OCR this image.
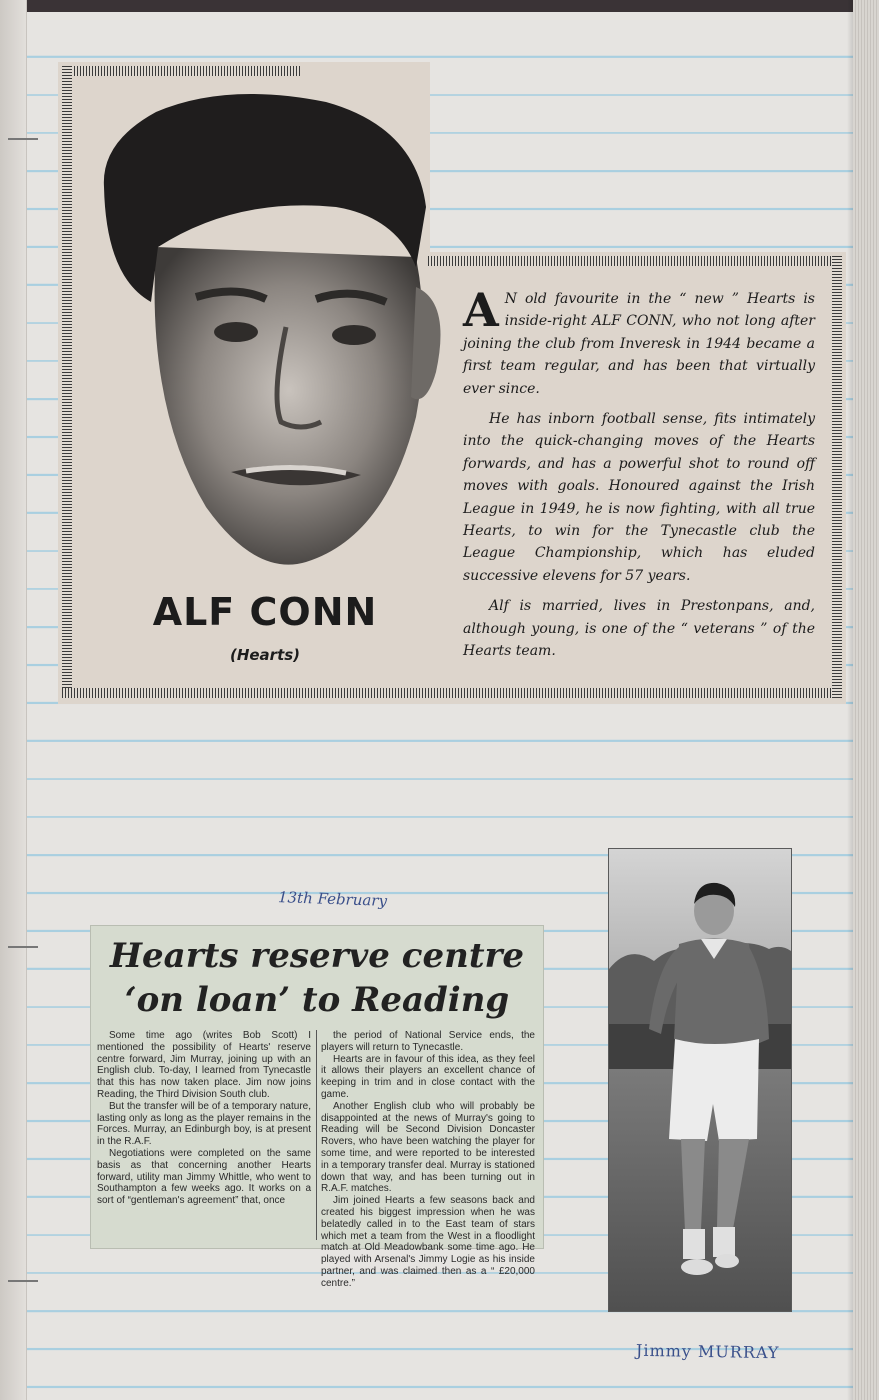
ALF CONN
(Hearts)

A N old favourite in the “ new ” Hearts is inside-right ALF CONN, who not long after joining the club from Inveresk in 1944 became a first team regular, and has been that virtually ever since.

He has inborn football sense, fits intimately into the quick-changing moves of the Hearts forwards, and has a powerful shot to round off moves with goals. Honoured against the Irish League in 1949, he is now fighting, with all true Hearts, to win for the Tynecastle club the League Championship, which has eluded successive elevens for 57 years.

Alf is married, lives in Prestonpans, and, although young, is one of the “ veterans ” of the Hearts team.

13th February
Hearts reserve centre
‘on loan’ to Reading

Some time ago (writes Bob Scott) I mentioned the possibility of Hearts' reserve centre forward, Jim Murray, joining up with an English club. To-day, I learned from Tynecastle that this has now taken place. Jim now joins Reading, the Third Division South club.

But the transfer will be of a temporary nature, lasting only as long as the player remains in the Forces. Murray, an Edinburgh boy, is at present in the R.A.F.

Negotiations were completed on the same basis as that concerning another Hearts forward, utility man Jimmy Whittle, who went to Southampton a few weeks ago. It works on a sort of “gentleman's agreement” that, once

the period of National Service ends, the players will return to Tynecastle.

Hearts are in favour of this idea, as they feel it allows their players an excellent chance of keeping in trim and in close contact with the game.

Another English club who will probably be disappointed at the news of Murray's going to Reading will be Second Division Doncaster Rovers, who have been watching the player for some time, and were reported to be interested in a temporary transfer deal. Murray is stationed down that way, and has been turning out in R.A.F. matches.

Jim joined Hearts a few seasons back and created his biggest impression when he was belatedly called in to the East team of stars which met a team from the West in a floodlight match at Old Meadowbank some time ago. He played with Arsenal's Jimmy Logie as his inside partner, and was claimed then as a “ £20,000 centre.”

Jimmy MURRAY
